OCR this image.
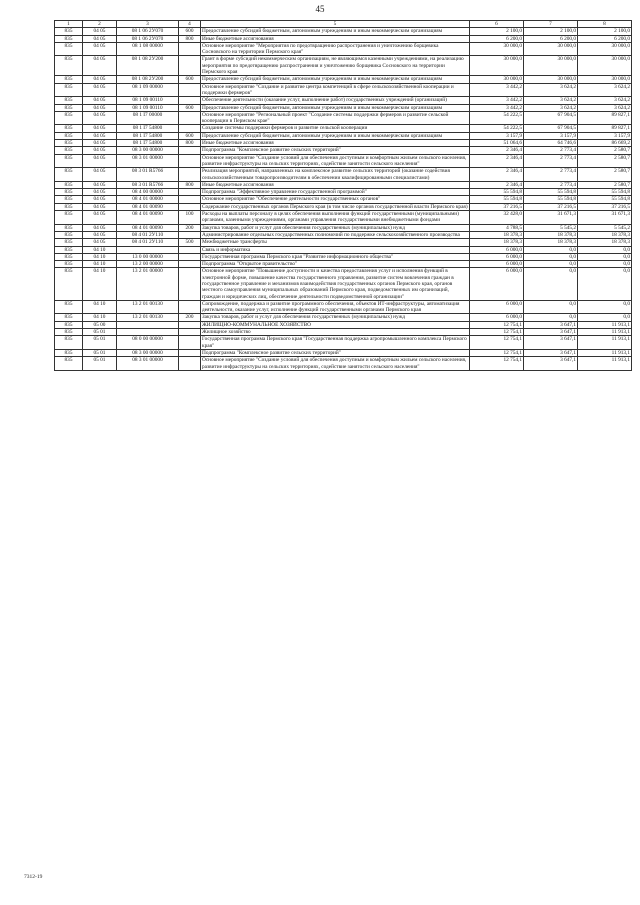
45
1	2	3	4	5	6	7	8
835	04 05	08 1 06 2У070	600	Предоставление субсидий бюджетным, автономным учреждениям и иным некоммерческим организациям	2 100,0	2 100,0	2 100,0
835	04 05	08 1 06 2У070	800	Иные бюджетные ассигнования	6 200,0	6 200,0	6 200,0
835	04 05	08 1 08 00000		Основное мероприятие "Мероприятия по предотвращению распространения и уничтожению борщевика Сосновского на территории Пермского края"	30 000,0	30 000,0	30 000,0
835	04 05	08 1 08 2У200		Грант в форме субсидий некоммерческим организациям, не являющимся казенными учреждениями, на реализацию мероприятия по предотвращению распространения и уничтожению борщевика Сосновского на территории Пермского края	30 000,0	30 000,0	30 000,0
835	04 05	08 1 08 2У200	600	Предоставление субсидий бюджетным, автономным учреждениям и иным некоммерческим организациям	30 000,0	30 000,0	30 000,0
835	04 05	08 1 09 00000		Основное мероприятие "Создание и развитие центра компетенций в сфере сельскохозяйственной кооперации и поддержки фермеров"	3 442,2	3 624,2	3 624,2
835	04 05	08 1 09 00110		Обеспечение деятельности (оказание услуг, выполнение работ) государственных учреждений (организаций)	3 442,2	3 624,2	3 624,2
835	04 05	08 1 09 00110	600	Предоставление субсидий бюджетным, автономным учреждениям и иным некоммерческим организациям	3 442,2	3 624,2	3 624,2
835	04 05	08 1 I7 00000		Основное мероприятие "Региональный проект "Создание системы поддержки фермеров и развитие сельской кооперации в Пермском крае"	54 222,5	67 904,5	89 827,1
835	04 05	08 1 I7 54800		Создание системы поддержки фермеров и развитие сельской кооперации	54 222,5	67 904,5	89 827,1
835	04 05	08 1 I7 54800	600	Предоставление субсидий бюджетным, автономным учреждениям и иным некоммерческим организациям	3 157,9	3 157,9	3 157,9
835	04 05	08 1 I7 54800	800	Иные бюджетные ассигнования	51 064,6	64 746,6	86 669,2
835	04 05	08 3 00 00000		Подпрограмма "Комплексное развитие сельских территорий"	2 346,4	2 773,4	2 580,7
835	04 05	08 3 01 00000		Основное мероприятие "Создание условий для обеспечения доступным и комфортным жильем сельского населения, развитие инфраструктуры на сельских территориях, содействие занятости сельского населения"	2 346,4	2 773,4	2 580,7
835	04 05	08 3 01 R5766		Реализация мероприятий, направленных на комплексное развитие сельских территорий (оказание содействия сельскохозяйственным товаропроизводителям в обеспечении квалифицированными специалистами)	2 346,4	2 773,4	2 580,7
835	04 05	08 3 01 R5766	800	Иные бюджетные ассигнования	2 346,4	2 773,4	2 580,7
835	04 05	08 4 00 00000		Подпрограмма "Эффективное управление государственной программой"	55 594,8	55 594,8	55 594,8
835	04 05	08 4 01 00000		Основное мероприятие "Обеспечение деятельности государственных органов"	55 594,8	55 594,8	55 594,8
835	04 05	08 4 01 00090		Содержание государственных органов Пермского края (в том числе органов государственной власти Пермского края)	37 216,5	37 216,5	37 216,5
835	04 05	08 4 01 00090	100	Расходы на выплаты персоналу в целях обеспечения выполнения функций государственными (муниципальными) органами, казенными учреждениями, органами управления государственными внебюджетными фондами	32 428,0	31 671,3	31 671,3
835	04 05	08 4 01 00090	200	Закупка товаров, работ и услуг для обеспечения государственных (муниципальных) нужд	4 788,5	5 545,2	5 545,2
835	04 05	08 4 01 2У110		Администрирование отдельных государственных полномочий по поддержке сельскохозяйственного производства	18 378,3	18 378,3	18 378,3
835	04 05	08 4 01 2У110	500	Межбюджетные трансферты	18 378,3	18 378,3	18 378,3
835	04 10			Связь и информатика	6 000,0	0,0	0,0
835	04 10	13 0 00 00000		Государственная программа Пермского края "Развитие информационного общества"	6 000,0	0,0	0,0
835	04 10	13 2 00 00000		Подпрограмма "Открытое правительство"	6 000,0	0,0	0,0
835	04 10	13 2 01 00000		Основное мероприятие "Повышение доступности и качества предоставления услуг и исполнения функций в электронной форме, повышение качества государственного управления, развитие систем вовлечения граждан в государственное управление и механизмов взаимодействия государственных органов Пермского края, органов местного самоуправления муниципальных образований Пермского края, подведомственных им организаций, граждан и юридических лиц, обеспечение деятельности подведомственной организации"	6 000,0	0,0	0,0
835	04 10	13 2 01 00130		Сопровождение, поддержка и развитие программного обеспечения, объектов ИТ-инфраструктуры, автоматизация деятельности, оказание услуг, исполнение функций государственными органами Пермского края	6 000,0	0,0	0,0
835	04 10	13 2 01 00130	200	Закупка товаров, работ и услуг для обеспечения государственных (муниципальных) нужд	6 000,0	0,0	0,0
835	05 00			ЖИЛИЩНО-КОММУНАЛЬНОЕ ХОЗЯЙСТВО	12 754,1	3 647,1	11 913,1
835	05 01			Жилищное хозяйство	12 754,1	3 647,1	11 913,1
835	05 01	08 0 00 00000		Государственная программа Пермского края "Государственная поддержка агропромышленного комплекса Пермского края"	12 754,1	3 647,1	11 913,1
835	05 01	08 3 00 00000		Подпрограмма "Комплексное развитие сельских территорий"	12 754,1	3 647,1	11 913,1
835	05 01	08 3 01 00000		Основное мероприятие "Создание условий для обеспечения доступным и комфортным жильем сельского населения, развитие инфраструктуры на сельских территориях, содействие занятости сельского населения"	12 754,1	3 647,1	11 913,1
7312-19
